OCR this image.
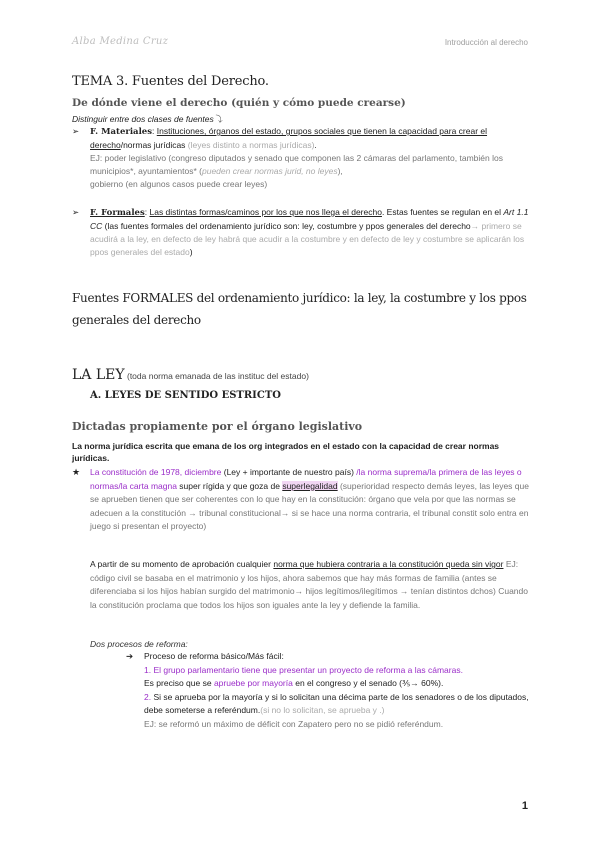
Alba Medina Cruz	Introducción al derecho
TEMA 3. Fuentes del Derecho.
De dónde viene el derecho (quién y cómo puede crearse)
Distinguir entre dos clases de fuentes⤵
➢ F. Materiales: Instituciones, órganos del estado, grupos sociales que tienen la capacidad para crear el derecho/normas jurídicas (leyes distinto a normas jurídicas).
EJ: poder legislativo (congreso diputados y senado que componen las 2 cámaras del parlamento, también los municipios*, ayuntamientos* (pueden crear normas jurid, no leyes),
gobierno (en algunos casos puede crear leyes)
➢ F. Formales: Las distintas formas/caminos por los que nos llega el derecho. Estas fuentes se regulan en el Art 1.1 CC (las fuentes formales del ordenamiento jurídico son: ley, costumbre y ppos generales del derecho→ primero se acudirá a la ley, en defecto de ley habrá que acudir a la costumbre y en defecto de ley y costumbre se aplicarán los ppos generales del estado)
Fuentes FORMALES del ordenamiento jurídico: la ley, la costumbre y los ppos generales del derecho
LA LEY (toda norma emanada de las instituc del estado)
A. LEYES DE SENTIDO ESTRICTO
Dictadas propiamente por el órgano legislativo
La norma jurídica escrita que emana de los org integrados en el estado con la capacidad de crear normas jurídicas.
★ La constitución de 1978, diciembre (Ley + importante de nuestro país) /la norma suprema/la primera de las leyes o normas/la carta magna super rígida y que goza de superlegalidad (superioridad respecto demás leyes, las leyes que se aprueben tienen que ser coherentes con lo que hay en la constitución: órgano que vela por que las normas se adecuen a la constitución → tribunal constitucional→ si se hace una norma contraria, el tribunal constit solo entra en juego si presentan el proyecto)
A partir de su momento de aprobación cualquier norma que hubiera contraria a la constitución queda sin vigor EJ: código civil se basaba en el matrimonio y los hijos, ahora sabemos que hay más formas de familia (antes se diferenciaba si los hijos habían surgido del matrimonio→ hijos legítimos/ilegítimos → tenían distintos dchos) Cuando la constitución proclama que todos los hijos son iguales ante la ley y defiende la familia.
Dos procesos de reforma:
➔ Proceso de reforma básico/Más fácil:
1. El grupo parlamentario tiene que presentar un proyecto de reforma a las cámaras.
Es preciso que se apruebe por mayoría en el congreso y el senado (⅗→ 60%).
2. Si se aprueba por la mayoría y si lo solicitan una décima parte de los senadores o de los diputados, debe someterse a referéndum.(si no lo solicitan, se aprueba y .)
EJ: se reformó un máximo de déficit con Zapatero pero no se pidió referéndum.
1
